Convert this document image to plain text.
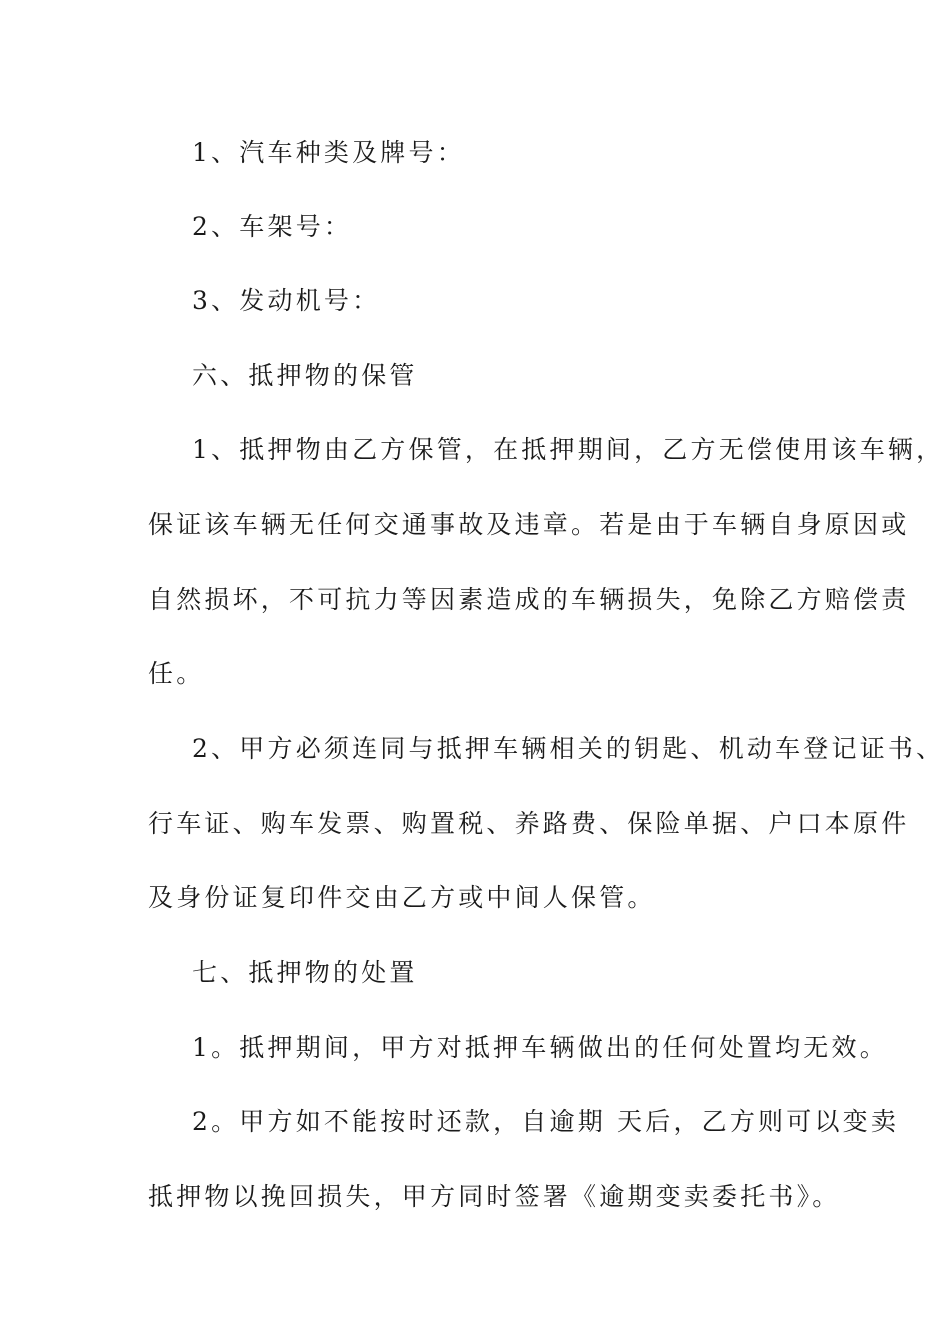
1、汽车种类及牌号：
2、车架号：
3、发动机号：
六、抵押物的保管
1、抵押物由乙方保管，在抵押期间，乙方无偿使用该车辆，
保证该车辆无任何交通事故及违章。若是由于车辆自身原因或
自然损坏，不可抗力等因素造成的车辆损失，免除乙方赔偿责
任。
2、甲方必须连同与抵押车辆相关的钥匙、机动车登记证书、
行车证、购车发票、购置税、养路费、保险单据、户口本原件
及身份证复印件交由乙方或中间人保管。
七、抵押物的处置
1。抵押期间，甲方对抵押车辆做出的任何处置均无效。
2。甲方如不能按时还款，自逾期 天后，乙方则可以变卖
抵押物以挽回损失，甲方同时签署《逾期变卖委托书》。
